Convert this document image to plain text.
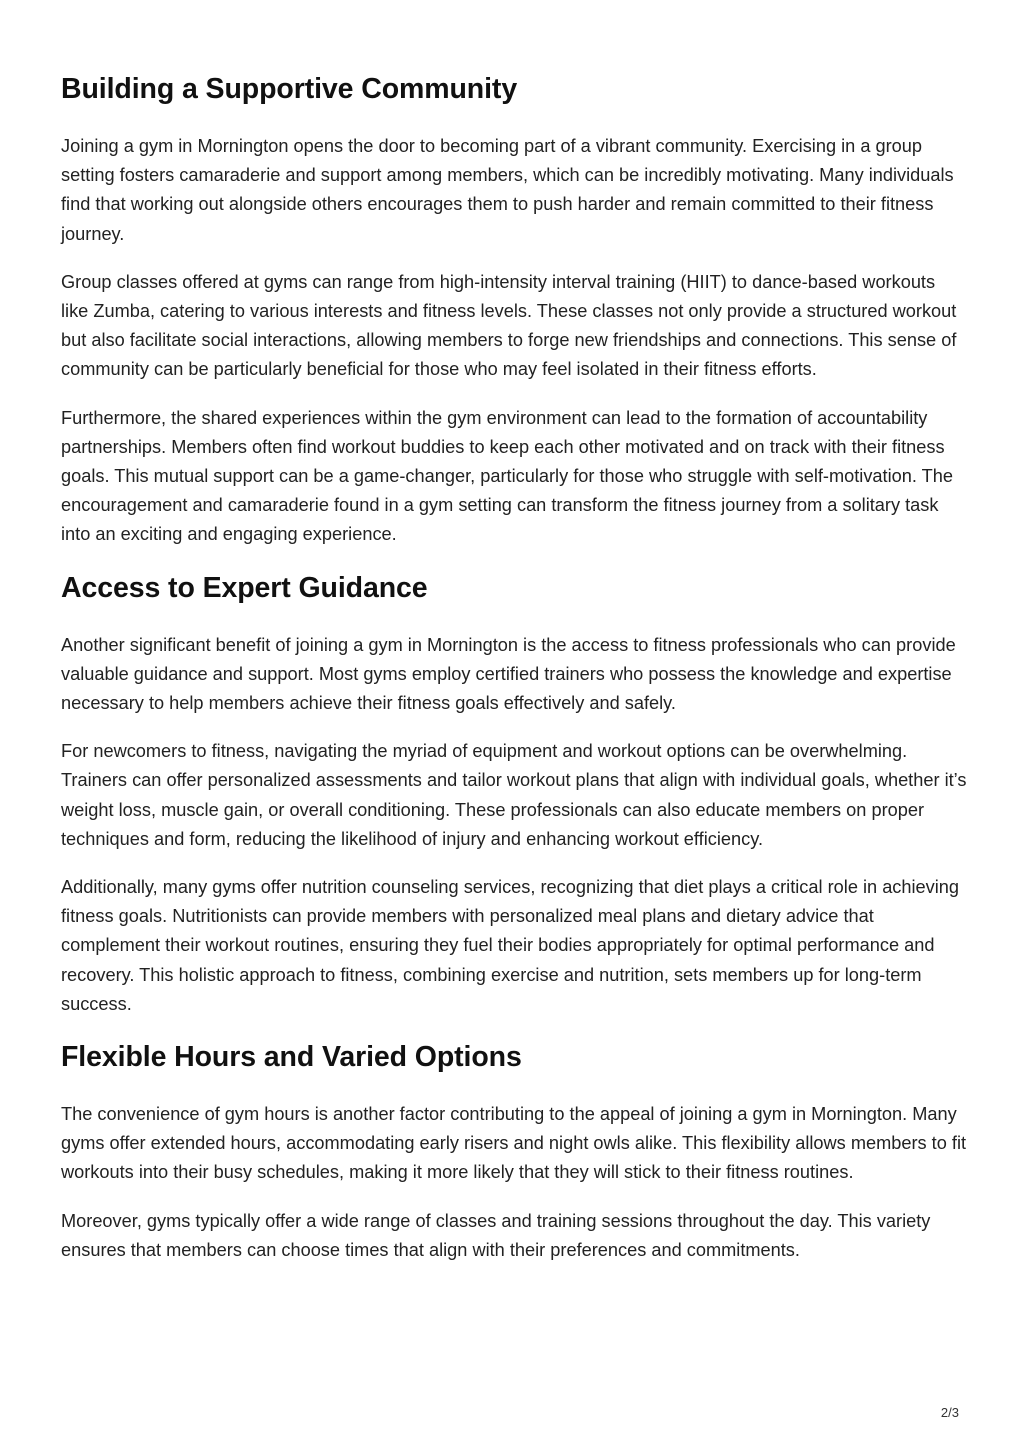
Building a Supportive Community

Joining a gym in Mornington opens the door to becoming part of a vibrant community. Exercising in a group setting fosters camaraderie and support among members, which can be incredibly motivating. Many individuals find that working out alongside others encourages them to push harder and remain committed to their fitness journey.

Group classes offered at gyms can range from high-intensity interval training (HIIT) to dance-based workouts like Zumba, catering to various interests and fitness levels. These classes not only provide a structured workout but also facilitate social interactions, allowing members to forge new friendships and connections. This sense of community can be particularly beneficial for those who may feel isolated in their fitness efforts.

Furthermore, the shared experiences within the gym environment can lead to the formation of accountability partnerships. Members often find workout buddies to keep each other motivated and on track with their fitness goals. This mutual support can be a game-changer, particularly for those who struggle with self-motivation. The encouragement and camaraderie found in a gym setting can transform the fitness journey from a solitary task into an exciting and engaging experience.

Access to Expert Guidance

Another significant benefit of joining a gym in Mornington is the access to fitness professionals who can provide valuable guidance and support. Most gyms employ certified trainers who possess the knowledge and expertise necessary to help members achieve their fitness goals effectively and safely.

For newcomers to fitness, navigating the myriad of equipment and workout options can be overwhelming. Trainers can offer personalized assessments and tailor workout plans that align with individual goals, whether it’s weight loss, muscle gain, or overall conditioning. These professionals can also educate members on proper techniques and form, reducing the likelihood of injury and enhancing workout efficiency.

Additionally, many gyms offer nutrition counseling services, recognizing that diet plays a critical role in achieving fitness goals. Nutritionists can provide members with personalized meal plans and dietary advice that complement their workout routines, ensuring they fuel their bodies appropriately for optimal performance and recovery. This holistic approach to fitness, combining exercise and nutrition, sets members up for long-term success.

Flexible Hours and Varied Options

The convenience of gym hours is another factor contributing to the appeal of joining a gym in Mornington. Many gyms offer extended hours, accommodating early risers and night owls alike. This flexibility allows members to fit workouts into their busy schedules, making it more likely that they will stick to their fitness routines.

Moreover, gyms typically offer a wide range of classes and training sessions throughout the day. This variety ensures that members can choose times that align with their preferences and commitments.

2/3
